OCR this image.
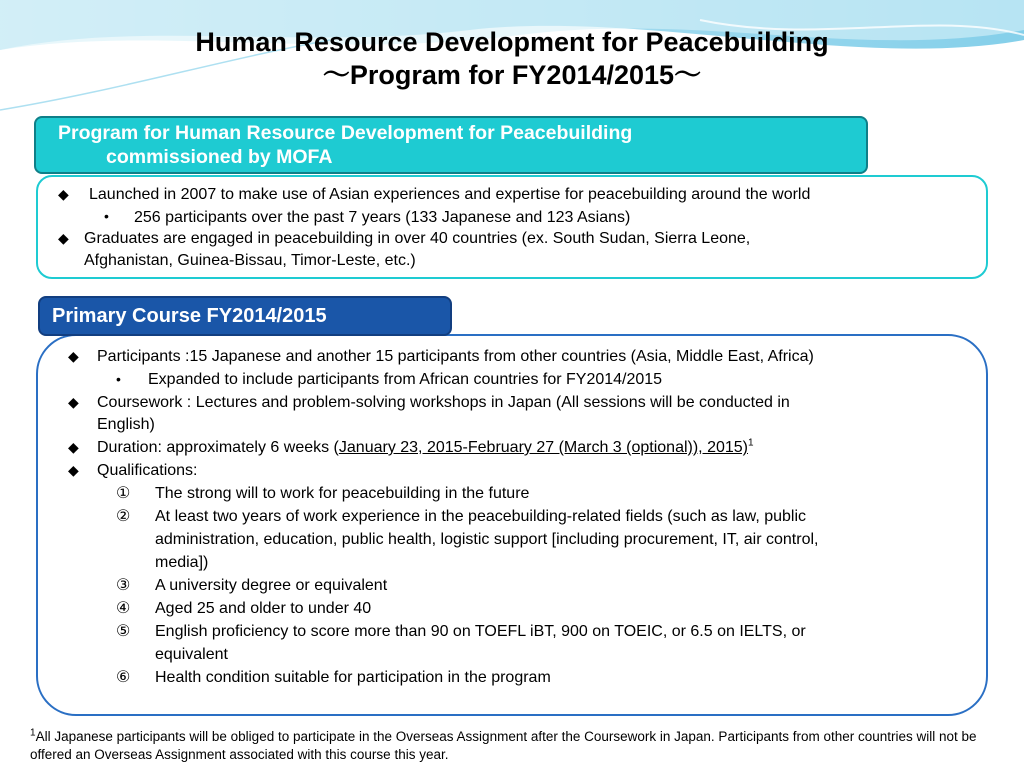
Human Resource Development for Peacebuilding
～Program for FY2014/2015～
Program for Human Resource Development for Peacebuilding
commissioned by MOFA
◆ Launched in 2007 to make use of Asian experiences and expertise for peacebuilding around the world
• 256 participants over the past 7 years (133 Japanese and 123 Asians)
◆ Graduates are engaged in peacebuilding in over 40 countries (ex. South Sudan, Sierra Leone,
Afghanistan, Guinea-Bissau, Timor-Leste, etc.)
Primary Course FY2014/2015
◆ Participants :15 Japanese and another 15 participants from other countries (Asia, Middle East, Africa)
• Expanded to include participants from African countries for FY2014/2015
◆ Coursework : Lectures and problem-solving workshops in Japan (All sessions will be conducted in
English)
◆ Duration: approximately 6 weeks (January 23, 2015-February 27 (March 3 (optional)), 2015)$^1$
◆ Qualifications:
① The strong will to work for peacebuilding in the future
② At least two years of work experience in the peacebuilding-related fields (such as law, public
administration, education, public health, logistic support [including procurement, IT, air control,
media])
③ A university degree or equivalent
④ Aged 25 and older to under 40
⑤ English proficiency to score more than 90 on TOEFL iBT, 900 on TOEIC, or 6.5 on IELTS, or
equivalent
⑥ Health condition suitable for participation in the program
$^1$All Japanese participants will be obliged to participate in the Overseas Assignment after the Coursework in Japan. Participants from other countries will not be offered an Overseas Assignment associated with this course this year.
